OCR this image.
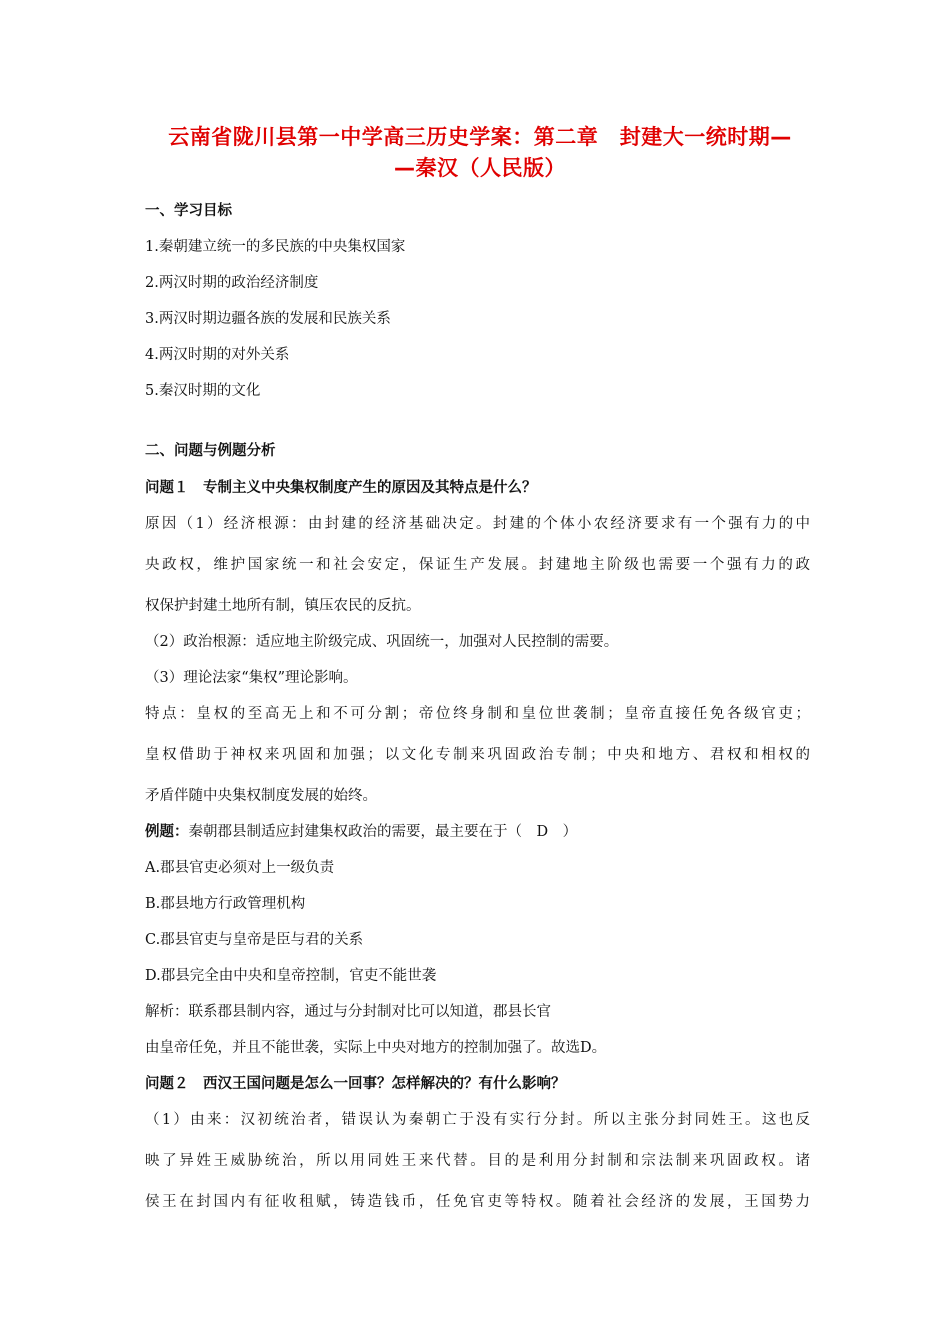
云南省陇川县第一中学高三历史学案：第二章　封建大一统时期—
—秦汉（人民版）
一、学习目标
1.秦朝建立统一的多民族的中央集权国家
2.两汉时期的政治经济制度
3.两汉时期边疆各族的发展和民族关系
4.两汉时期的对外关系
5.秦汉时期的文化
二、问题与例题分析
问题１　专制主义中央集权制度产生的原因及其特点是什么？
原因（1）经济根源：由封建的经济基础决定。封建的个体小农经济要求有一个强有力的中
央政权，维护国家统一和社会安定，保证生产发展。封建地主阶级也需要一个强有力的政
权保护封建土地所有制，镇压农民的反抗。
（2）政治根源：适应地主阶级完成、巩固统一，加强对人民控制的需要。
（3）理论法家“集权”理论影响。
特点：皇权的至高无上和不可分割；帝位终身制和皇位世袭制；皇帝直接任免各级官吏；
皇权借助于神权来巩固和加强；以文化专制来巩固政治专制；中央和地方、君权和相权的
矛盾伴随中央集权制度发展的始终。
例题：秦朝郡县制适应封建集权政治的需要，最主要在于（　D　）
A.郡县官吏必须对上一级负责
B.郡县地方行政管理机构
C.郡县官吏与皇帝是臣与君的关系
D.郡县完全由中央和皇帝控制，官吏不能世袭
解析：联系郡县制内容，通过与分封制对比可以知道，郡县长官
由皇帝任免，并且不能世袭，实际上中央对地方的控制加强了。故选D。
问题２　西汉王国问题是怎么一回事？怎样解决的？有什么影响？
（1）由来：汉初统治者，错误认为秦朝亡于没有实行分封。所以主张分封同姓王。这也反
映了异姓王威胁统治，所以用同姓王来代替。目的是利用分封制和宗法制来巩固政权。诸
侯王在封国内有征收租赋，铸造钱币，任免官吏等特权。随着社会经济的发展，王国势力
